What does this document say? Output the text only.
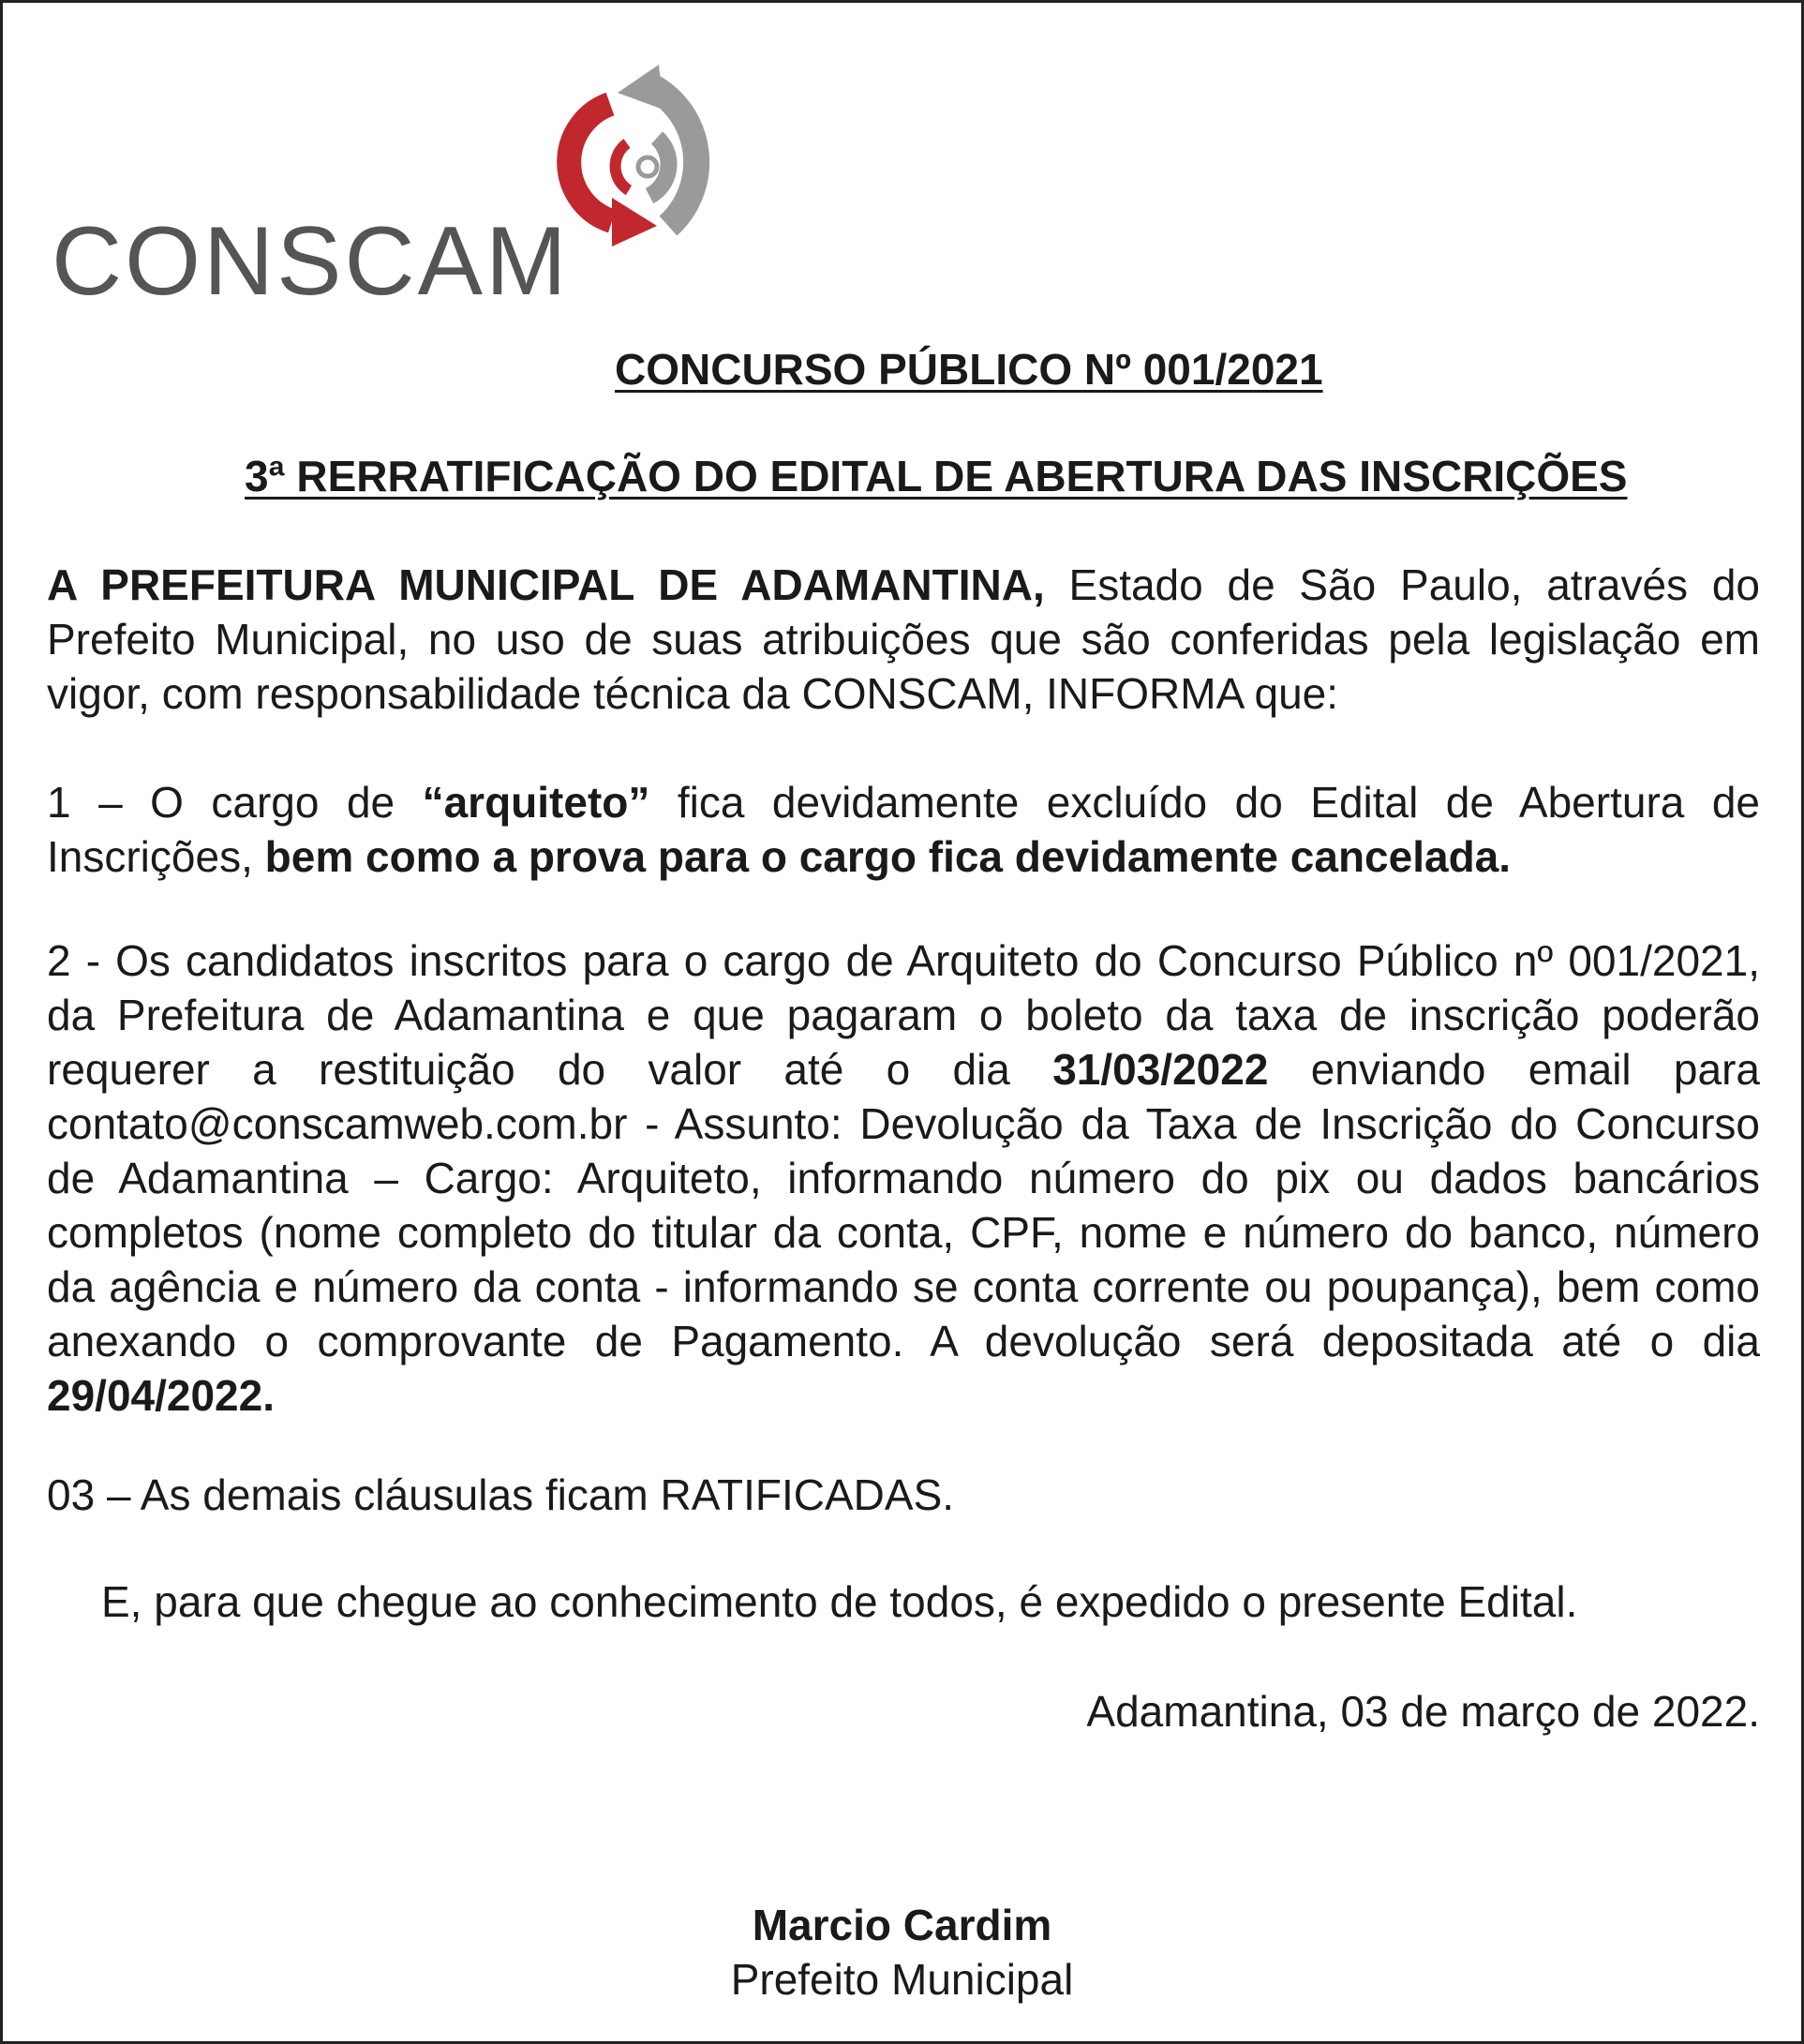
CONSCAM
CONCURSO PÚBLICO Nº 001/2021
3ª RERRATIFICAÇÃO DO EDITAL DE ABERTURA DAS INSCRIÇÕES
A PREFEITURA MUNICIPAL DE ADAMANTINA, Estado de São Paulo, através do Prefeito Municipal, no uso de suas atribuições que são conferidas pela legislação em vigor, com responsabilidade técnica da CONSCAM, INFORMA que:
1 – O cargo de “arquiteto” fica devidamente excluído do Edital de Abertura de Inscrições, bem como a prova para o cargo fica devidamente cancelada.
2 - Os candidatos inscritos para o cargo de Arquiteto do Concurso Público nº 001/2021, da Prefeitura de Adamantina e que pagaram o boleto da taxa de inscrição poderão requerer a restituição do valor até o dia 31/03/2022 enviando email para contato@conscamweb.com.br - Assunto: Devolução da Taxa de Inscrição do Concurso de Adamantina – Cargo: Arquiteto, informando número do pix ou dados bancários completos (nome completo do titular da conta, CPF, nome e número do banco, número da agência e número da conta - informando se conta corrente ou poupança), bem como anexando o comprovante de Pagamento. A devolução será depositada até o dia 29/04/2022.
03 – As demais cláusulas ficam RATIFICADAS.
E, para que chegue ao conhecimento de todos, é expedido o presente Edital.
Adamantina, 03 de março de 2022.
Marcio Cardim
Prefeito Municipal
